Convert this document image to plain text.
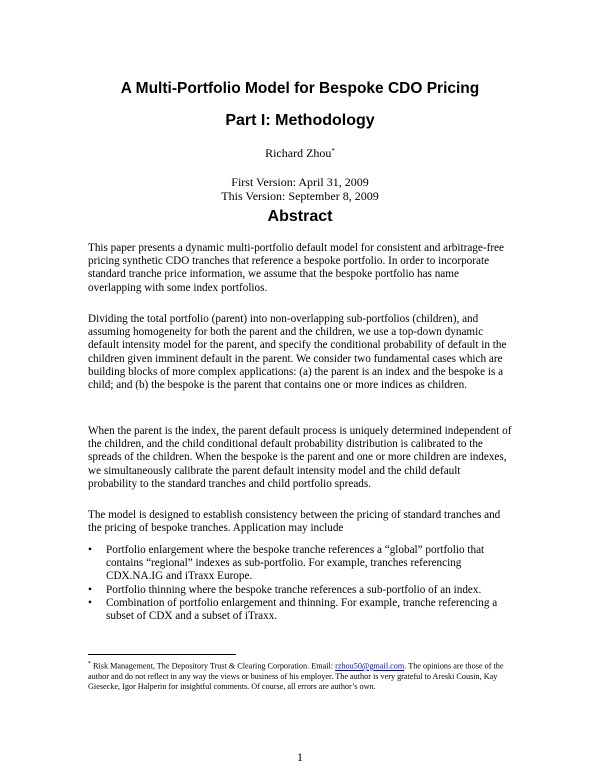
A Multi-Portfolio Model for Bespoke CDO Pricing
Part I: Methodology
Richard Zhou*
First Version: April 31, 2009
This Version: September 8, 2009
Abstract

This paper presents a dynamic multi-portfolio default model for consistent and arbitrage-free pricing synthetic CDO tranches that reference a bespoke portfolio. In order to incorporate standard tranche price information, we assume that the bespoke portfolio has name overlapping with some index portfolios.

Dividing the total portfolio (parent) into non-overlapping sub-portfolios (children), and assuming homogeneity for both the parent and the children, we use a top-down dynamic default intensity model for the parent, and specify the conditional probability of default in the children given imminent default in the parent. We consider two fundamental cases which are building blocks of more complex applications: (a) the parent is an index and the bespoke is a child; and (b) the bespoke is the parent that contains one or more indices as children.

When the parent is the index, the parent default process is uniquely determined independent of the children, and the child conditional default probability distribution is calibrated to the spreads of the children. When the bespoke is the parent and one or more children are indexes, we simultaneously calibrate the parent default intensity model and the child default probability to the standard tranches and child portfolio spreads.

The model is designed to establish consistency between the pricing of standard tranches and the pricing of bespoke tranches. Application may include

• Portfolio enlargement where the bespoke tranche references a “global” portfolio that contains “regional” indexes as sub-portfolio. For example, tranches referencing CDX.NA.IG and iTraxx Europe.
• Portfolio thinning where the bespoke tranche references a sub-portfolio of an index.
• Combination of portfolio enlargement and thinning. For example, tranche referencing a subset of CDX and a subset of iTraxx.
* Risk Management, The Depository Trust & Clearing Corporation. Email: rzhou50@gmail.com. The opinions are those of the author and do not reflect in any way the views or business of his employer. The author is very grateful to Areski Cousin, Kay Giesecke, Igor Halperin for insightful comments. Of course, all errors are author’s own.
1
